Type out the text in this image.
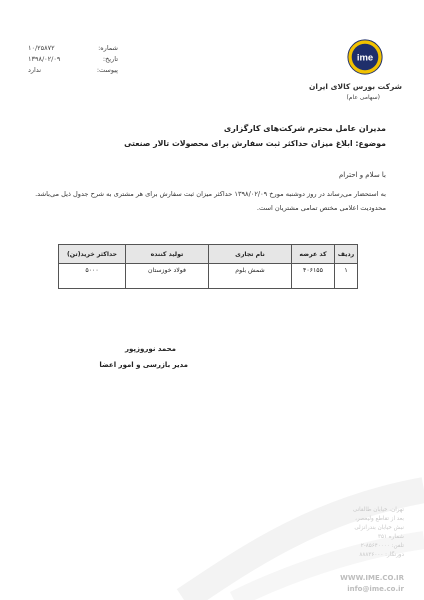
ime
شرکت بورس کالای ایران
(سهامی عام)
شماره:
۱۰/۲۵۸۷۲
تاریخ:
۱۳۹۸/۰۲/۰۹
پیوست:
ندارد
مدیران عامل محترم شرکت‌های کارگزاری
موضوع: ابلاغ میزان حداکثر ثبت سفارش برای محصولات تالار صنعتی
با سلام و احترام
به استحضار می‌رساند در روز دوشنبه مورخ ۱۳۹۸/۰۲/۰۹ حداکثر میزان ثبت سفارش برای هر مشتری به شرح جدول ذیل می‌باشد. محدودیت اعلامی مختص تمامی مشتریان است.
ردیف	کد عرضه	نام تجاری	تولید کننده	حداکثر خرید(تن)
۱	۴۰۶۱۵۵	شمش بلوم	فولاد خوزستان	۵۰۰۰
محمد نوروزپور
مدیر بازرسی و امور اعضا
تهران، خیابان طالقانی
بعد از تقاطع ولیعصر،
نبش خیابان بندرانزلی
شماره ۳۵۱
تلفن: ۸۵۶۴۰۰۰۰-۲
دورنگار: ۸۸۸۳۶۰۰۰
WWW.IME.CO.IR
info@ime.co.ir
